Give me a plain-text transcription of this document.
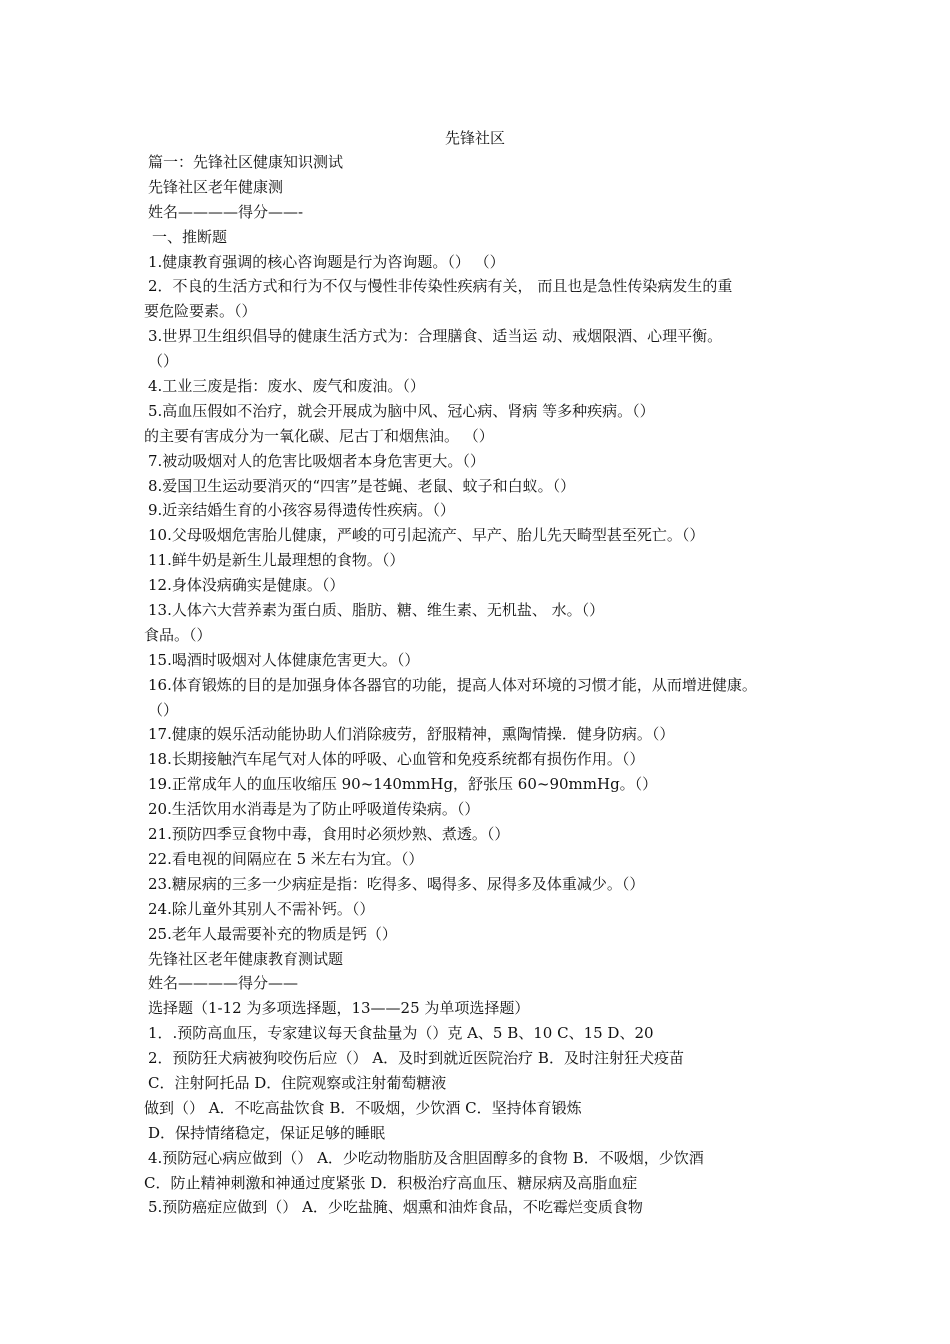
先锋社区
篇一：先锋社区健康知识测试
先锋社区老年健康测
姓名————得分——-
一、推断题
1.健康教育强调的核心咨询题是行为咨询题。（） （）
2．不良的生活方式和行为不仅与慢性非传染性疾病有关， 而且也是急性传染病发生的重
要危险要素。（）
3.世界卫生组织倡导的健康生活方式为：合理膳食、适当运 动、戒烟限酒、心理平衡。
（）
4.工业三废是指：废水、废气和废油。（）
5.高血压假如不治疗，就会开展成为脑中风、冠心病、肾病 等多种疾病。（）
的主要有害成分为一氧化碳、尼古丁和烟焦油。 （）
7.被动吸烟对人的危害比吸烟者本身危害更大。（）
8.爱国卫生运动要消灭的“四害”是苍蝇、老鼠、蚊子和白蚁。（）
9.近亲结婚生育的小孩容易得遗传性疾病。（）
10.父母吸烟危害胎儿健康，严峻的可引起流产、早产、胎儿先天畸型甚至死亡。（）
11.鲜牛奶是新生儿最理想的食物。（）
12.身体没病确实是健康。（）
13.人体六大营养素为蛋白质、脂肪、糖、维生素、无机盐、 水。（）
食品。（）
15.喝酒时吸烟对人体健康危害更大。（）
16.体育锻炼的目的是加强身体各器官的功能，提高人体对环境的习惯才能，从而增进健康。
（）
17.健康的娱乐活动能协助人们消除疲劳，舒服精神，熏陶情操．健身防病。（）
18.长期接触汽车尾气对人体的呼吸、心血管和免疫系统都有损伤作用。（）
19.正常成年人的血压收缩压 90~140mmHg，舒张压 60~90mmHg。（）
20.生活饮用水消毒是为了防止呼吸道传染病。（）
21.预防四季豆食物中毒，食用时必须炒熟、煮透。（）
22.看电视的间隔应在 5 米左右为宜。（）
23.糖尿病的三多一少病症是指：吃得多、喝得多、尿得多及体重减少。（）
24.除儿童外其别人不需补钙。（）
25.老年人最需要补充的物质是钙（）
先锋社区老年健康教育测试题
姓名————得分——
选择题（1-12 为多项选择题，13——25 为单项选择题）
1．.预防高血压，专家建议每天食盐量为（）克 A、5 B、10 C、15 D、20
2．预防狂犬病被狗咬伤后应（） A．及时到就近医院治疗 B．及时注射狂犬疫苗
C．注射阿托品 D．住院观察或注射葡萄糖液
做到（） A．不吃高盐饮食 B．不吸烟，少饮酒 C．坚持体育锻炼
D．保持情绪稳定，保证足够的睡眠
4.预防冠心病应做到（） A．少吃动物脂肪及含胆固醇多的食物 B．不吸烟，少饮酒
C．防止精神刺激和神通过度紧张 D．积极治疗高血压、糖尿病及高脂血症
5.预防癌症应做到（） A．少吃盐腌、烟熏和油炸食品，不吃霉烂变质食物
